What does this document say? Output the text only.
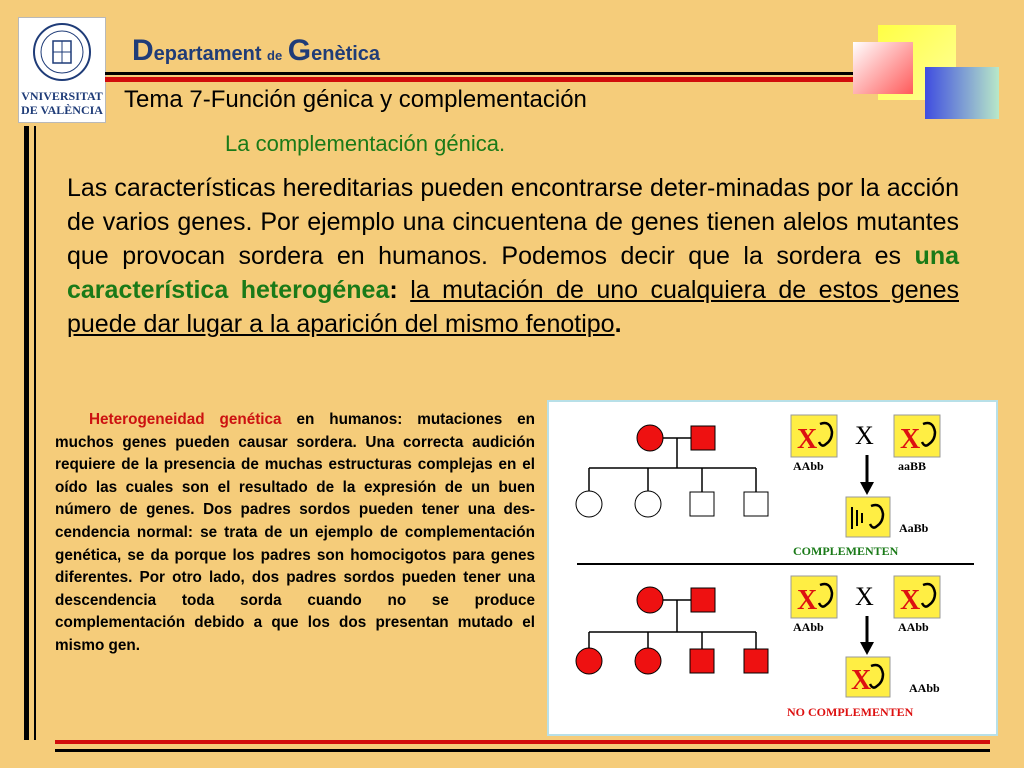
VNIVERSITAT
DE VALÈNCIA
Departament de Genètica
Tema 7-Función génica y complementación
La complementación génica.
Las características hereditarias pueden encontrarse deter-minadas por la acción de varios genes. Por ejemplo una cincuentena de genes tienen alelos mutantes que provocan sordera en humanos. Podemos decir que la sordera es una característica heterogénea: la mutación de uno cualquiera de estos genes puede dar lugar a la aparición del mismo fenotipo.
Heterogeneidad genética en humanos: mutaciones en muchos genes pueden causar sordera. Una correcta audición requiere de la presencia de muchas estructuras complejas en el oído las cuales son el resultado de la expresión de un buen número de genes. Dos padres sordos pueden tener una des-cendencia normal: se trata de un ejemplo de complementación genética, se da porque los padres son homocigotos para genes diferentes. Por otro lado, dos padres sordos pueden tener una descendencia toda sorda cuando no se produce complementación debido a que los dos presentan mutado el mismo gen.
X
AAbb
X X
aaBB
AaBb
COMPLEMENTEN
X
AAbb
X X
AAbb
X	AAbb
NO COMPLEMENTEN
